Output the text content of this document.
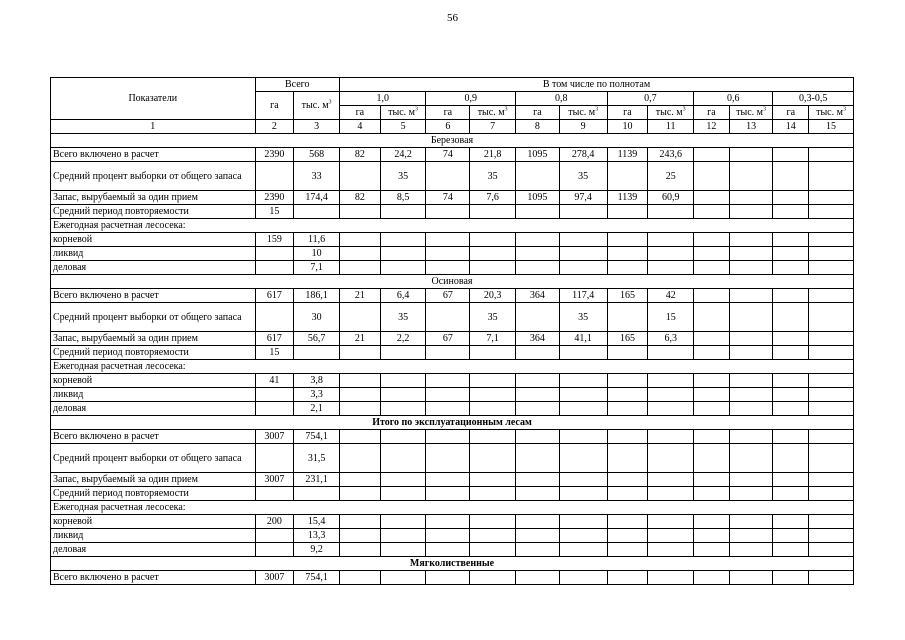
56
Показатели	Всего		В том числе по полнотам											
	га	тыс. $м^3$	1,0		0,9		0,8		0,7		0,6		0,3-0,5	
			га	тыс. $м^3$	га	тыс. $м^3$	га	тыс. $м^3$	га	тыс. $м^3$	га	тыс. $м^3$	га	тыс. $м^3$
1	2	3	4	5	6	7	8	9	10	11	12	13	14	15
Березовая														
Всего включено в расчет	2390	568	82	24,2	74	21,8	1095	278,4	1139	243,6				
Средний процент выборки от общего запаса		33		35		35		35		25				
Запас, вырубаемый за один прием	2390	174,4	82	8,5	74	7,6	1095	97,4	1139	60,9				
Средний период повторяемости	15													
Ежегодная расчетная лесосека:														
корневой	159	11,6												
ликвид		10												
деловая		7,1												
Осиновая														
Всего включено в расчет	617	186,1	21	6,4	67	20,3	364	117,4	165	42				
Средний процент выборки от общего запаса		30		35		35		35		15				
Запас, вырубаемый за один прием	617	56,7	21	2,2	67	7,1	364	41,1	165	6,3				
Средний период повторяемости	15													
Ежегодная расчетная лесосека:														
корневой	41	3,8												
ликвид		3,3												
деловая		2,1												
Итого по эксплуатационным лесам														
Всего включено в расчет	3007	754,1												
Средний процент выборки от общего запаса		31,5												
Запас, вырубаемый за один прием	3007	231,1												
Средний период повторяемости														
Ежегодная расчетная лесосека:														
корневой	200	15,4												
ликвид		13,3												
деловая		9,2												
Мягколиственные														
Всего включено в расчет	3007	754,1												
